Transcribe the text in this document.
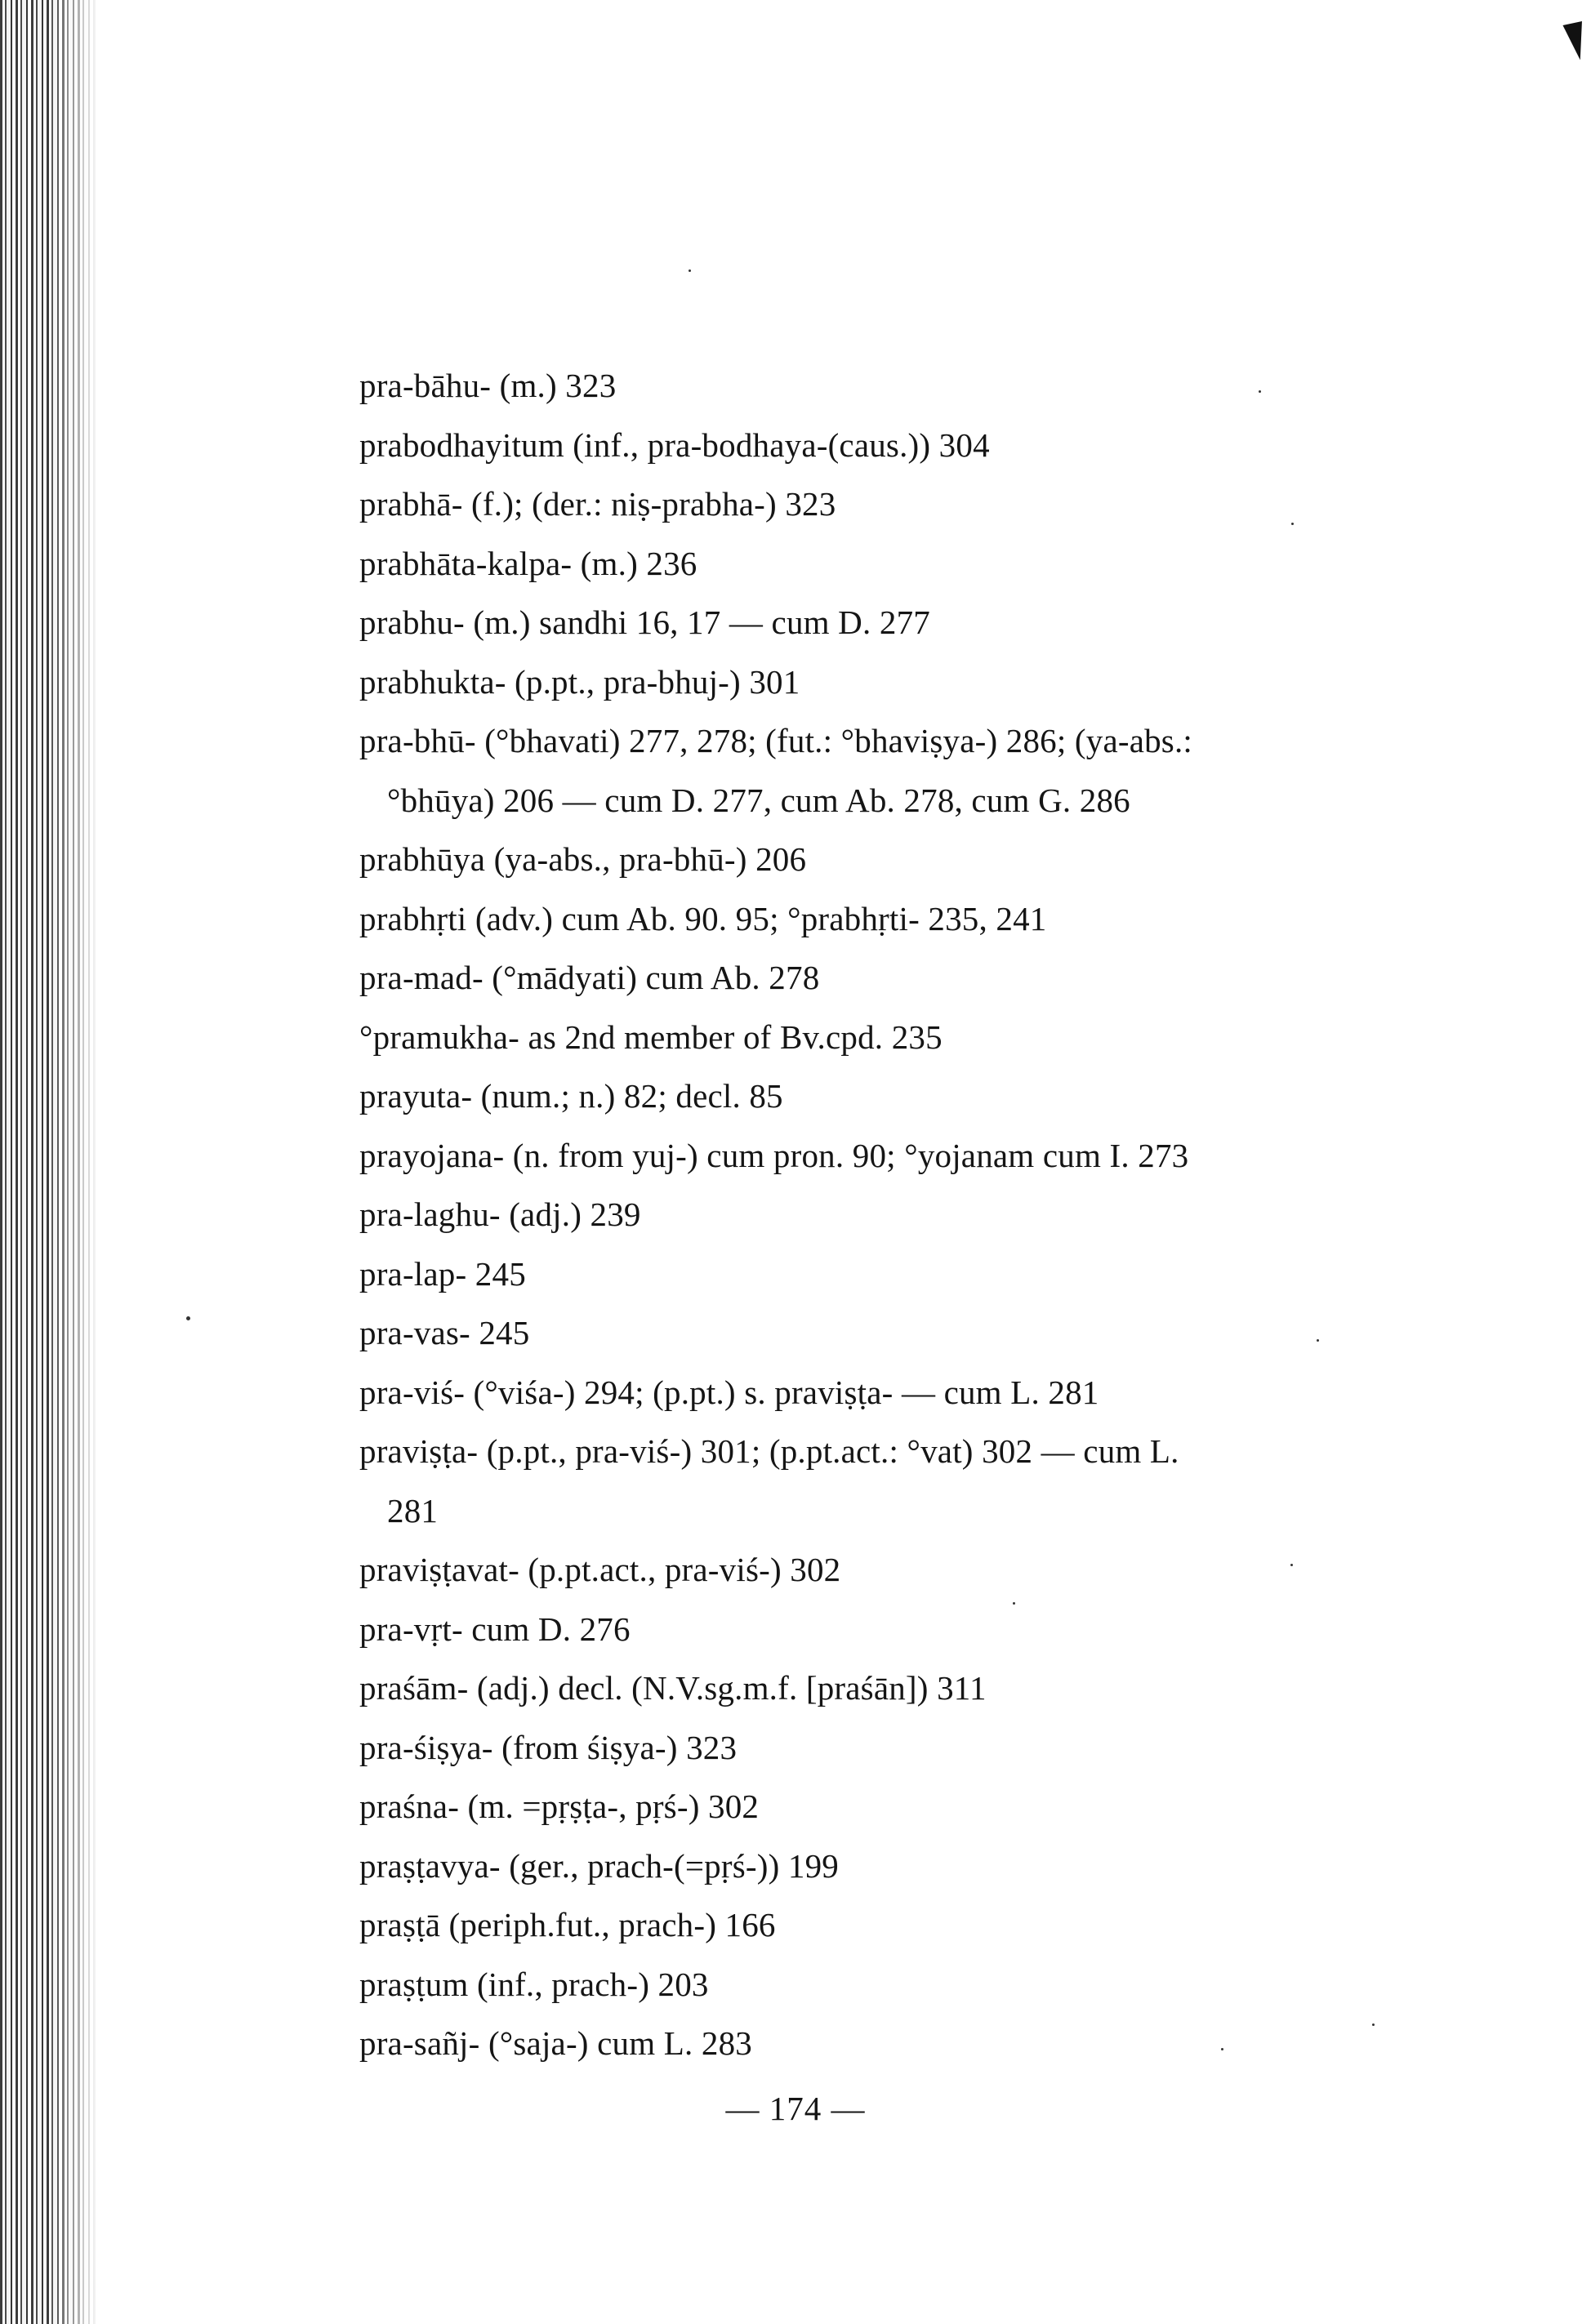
pra-bāhu- (m.) 323
prabodhayitum (inf., pra-bodhaya-(caus.)) 304
prabhā- (f.); (der.: niṣ-prabha-) 323
prabhāta-kalpa- (m.) 236
prabhu- (m.) sandhi 16, 17 — cum D. 277
prabhukta- (p.pt., pra-bhuj-) 301
pra-bhū- (°bhavati) 277, 278; (fut.: °bhaviṣya-) 286; (ya-abs.:
°bhūya) 206 — cum D. 277, cum Ab. 278, cum G. 286
prabhūya (ya-abs., pra-bhū-) 206
prabhṛti (adv.) cum Ab. 90. 95; °prabhṛti- 235, 241
pra-mad- (°mādyati) cum Ab. 278
°pramukha- as 2nd member of Bv.cpd. 235
prayuta- (num.; n.) 82; decl. 85
prayojana- (n. from yuj-) cum pron. 90; °yojanam cum I. 273
pra-laghu- (adj.) 239
pra-lap- 245
pra-vas- 245
pra-viś- (°viśa-) 294; (p.pt.) s. praviṣṭa- — cum L. 281
praviṣṭa- (p.pt., pra-viś-) 301; (p.pt.act.: °vat) 302 — cum L.
281
praviṣṭavat- (p.pt.act., pra-viś-) 302
pra-vṛt- cum D. 276
praśām- (adj.) decl. (N.V.sg.m.f. [praśān]) 311
pra-śiṣya- (from śiṣya-) 323
praśna- (m. =pṛṣṭa-, pṛś-) 302
praṣṭavya- (ger., prach-(=pṛś-)) 199
praṣṭā (periph.fut., prach-) 166
praṣṭum (inf., prach-) 203
pra-sañj- (°saja-) cum L. 283
— 174 —
